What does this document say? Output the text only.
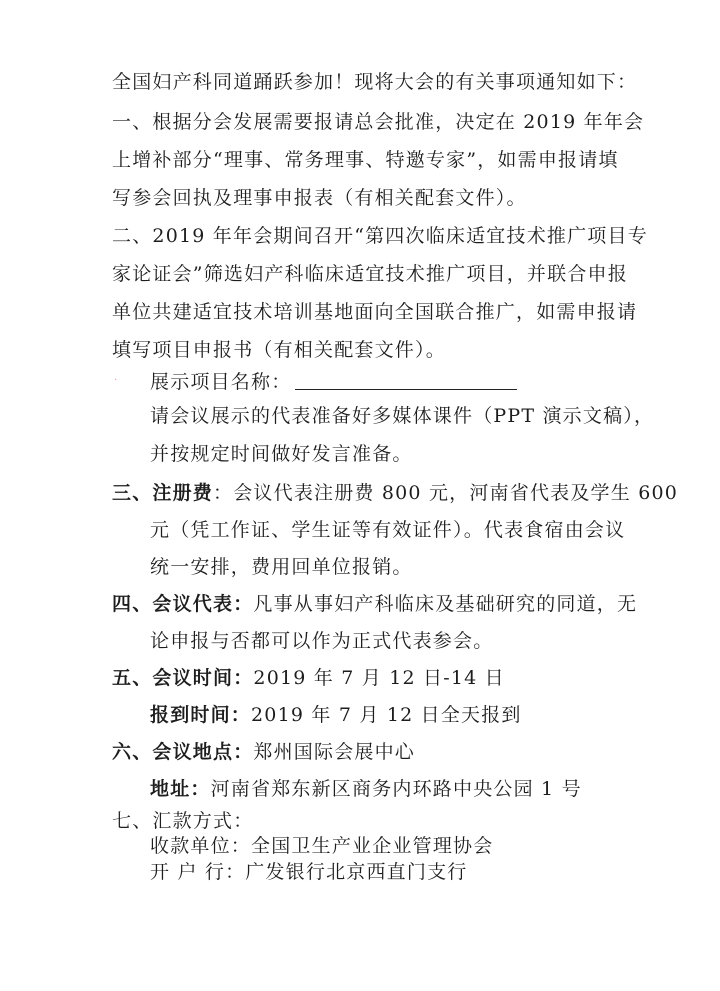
全国妇产科同道踊跃参加！现将大会的有关事项通知如下：
一、根据分会发展需要报请总会批准，决定在 2019 年年会
上增补部分“理事、常务理事、特邀专家”，如需申报请填
写参会回执及理事申报表（有相关配套文件）。
二、2019 年年会期间召开“第四次临床适宜技术推广项目专
家论证会”筛选妇产科临床适宜技术推广项目，并联合申报
单位共建适宜技术培训基地面向全国联合推广，如需申报请
填写项目申报书（有相关配套文件）。
·	展示项目名称：
请会议展示的代表准备好多媒体课件（PPT 演示文稿），
并按规定时间做好发言准备。
三、注册费：会议代表注册费 800 元，河南省代表及学生 600
元（凭工作证、学生证等有效证件）。代表食宿由会议
统一安排，费用回单位报销。
四、会议代表：凡事从事妇产科临床及基础研究的同道，无
论申报与否都可以作为正式代表参会。
五、会议时间：2019 年 7 月 12 日-14 日
报到时间：2019 年 7 月 12 日全天报到
六、会议地点：郑州国际会展中心
地址：河南省郑东新区商务内环路中央公园 1 号
七、汇款方式：
收款单位：全国卫生产业企业管理协会
开 户 行：广发银行北京西直门支行
